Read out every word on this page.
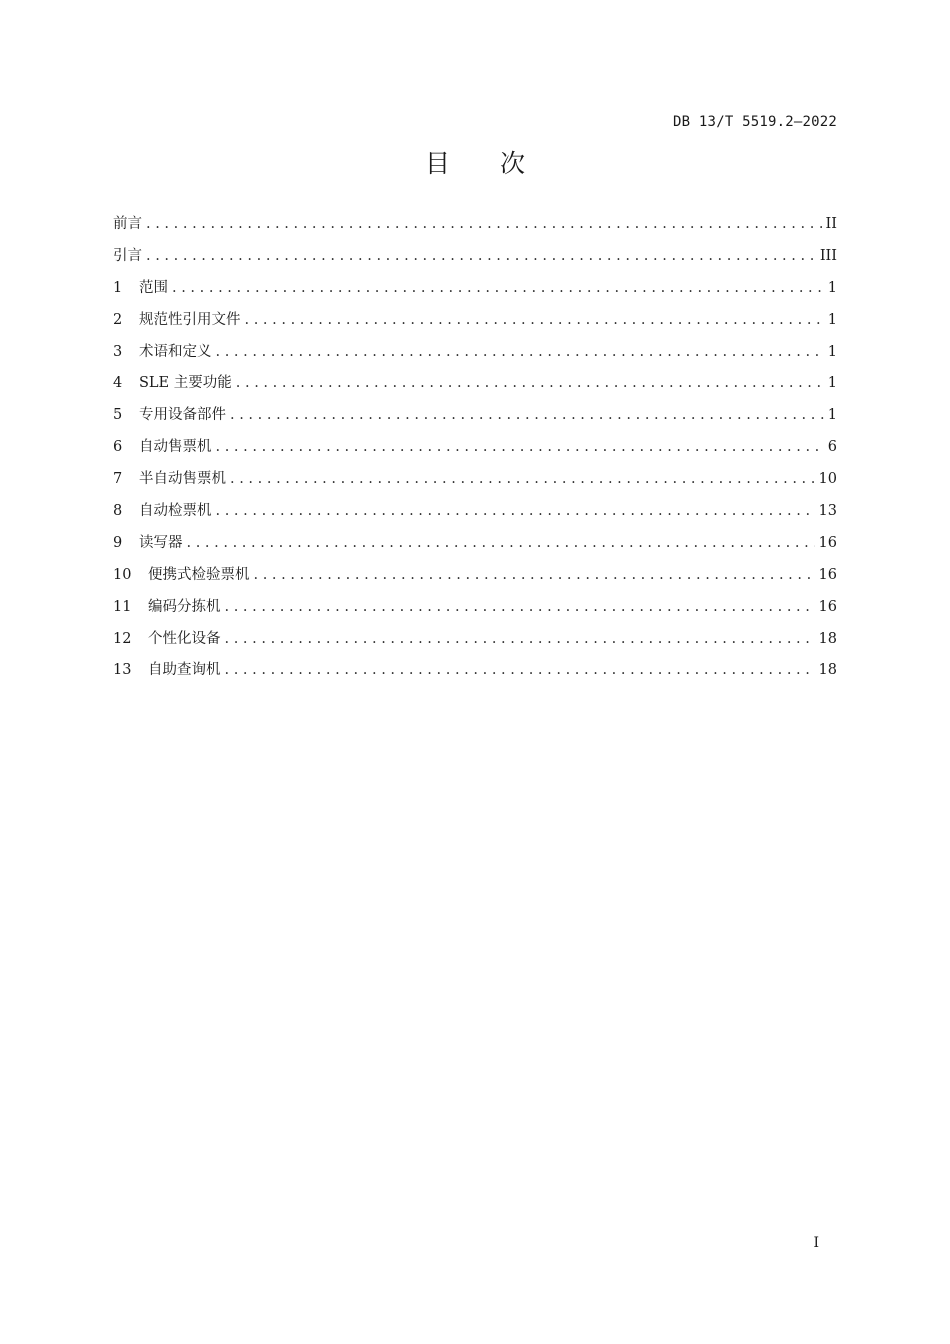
DB 13/T 5519.2—2022
目 次
前言 . . .	II
引言 . . .	III
1	范围 . . .	1
2	规范性引用文件 . . .	1
3	术语和定义 . . .	1
4	SLE 主要功能 . . .	1
5	专用设备部件 . . .	1
6	自动售票机 . . .	6
7	半自动售票机 . . .	10
8	自动检票机 . . .	13
9	读写器 . . .	16
10	便携式检验票机 . . .	16
11	编码分拣机 . . .	16
12	个性化设备 . . .	18
13	自助查询机 . . .	18
I
